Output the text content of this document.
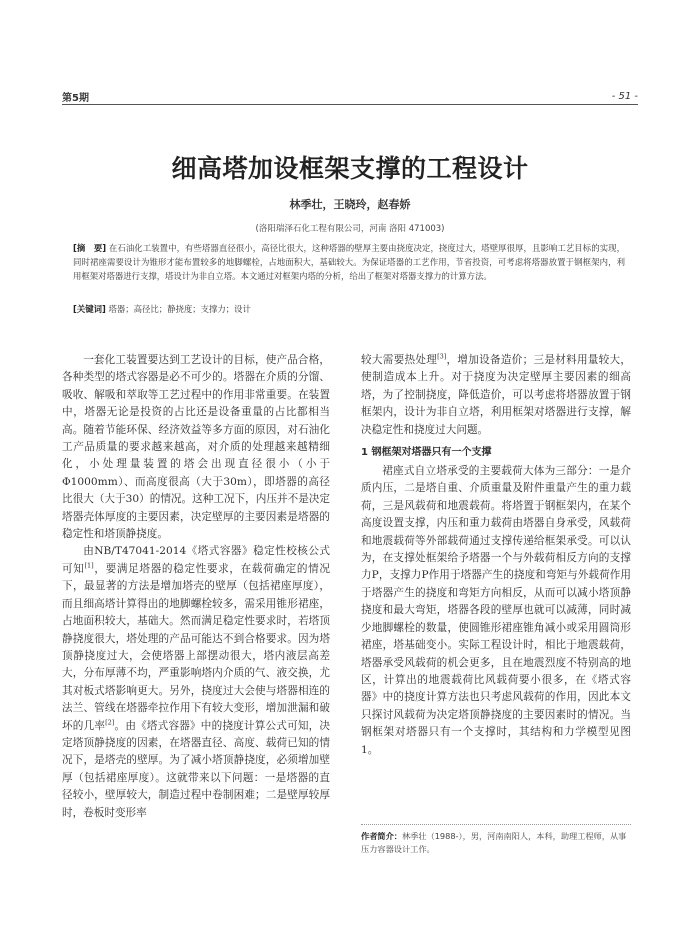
第5期	- 51 -
细高塔加设框架支撑的工程设计
林季壮，王晓玲，赵春娇
(洛阳瑞泽石化工程有限公司，河南 洛阳 471003)
[摘　要] 在石油化工装置中，有些塔器直径很小，高径比很大，这种塔器的壁厚主要由挠度决定，挠度过大，塔壁厚很厚，且影响工艺目标的实现，同时裙座需要设计为锥形才能布置较多的地脚螺栓，占地面积大，基础较大。为保证塔器的工艺作用，节省投资，可考虑将塔器放置于钢框架内，利用框架对塔器进行支撑，塔设计为非自立塔。本文通过对框架内塔的分析，给出了框架对塔器支撑力的计算方法。
[关键词] 塔器；高径比；静挠度；支撑力；设计

一套化工装置要达到工艺设计的目标，使产品合格，各种类型的塔式容器是必不可少的。塔器在介质的分馏、吸收、解吸和萃取等工艺过程中的作用非常重要。在装置中，塔器无论是投资的占比还是设备重量的占比都相当高。随着节能环保、经济效益等多方面的原因，对石油化工产品质量的要求越来越高，对介质的处理越来越精细化，小处理量装置的塔会出现直径很小（小于Φ1000mm）、而高度很高（大于30m），即塔器的高径比很大（大于30）的情况。这种工况下，内压并不是决定塔器壳体厚度的主要因素，决定壁厚的主要因素是塔器的稳定性和塔顶静挠度。

由NB/T47041-2014《塔式容器》稳定性校核公式可知[1]，要满足塔器的稳定性要求，在载荷确定的情况下，最显著的方法是增加塔壳的壁厚（包括裙座厚度），而且细高塔计算得出的地脚螺栓较多，需采用锥形裙座，占地面积较大，基础大。然而满足稳定性要求时，若塔顶静挠度很大，塔处理的产品可能达不到合格要求。因为塔顶静挠度过大，会使塔器上部摆动很大，塔内液层高差大，分布厚薄不均，严重影响塔内介质的气、液交换，尤其对板式塔影响更大。另外，挠度过大会使与塔器相连的法兰、管线在塔器牵拉作用下有较大变形，增加泄漏和破坏的几率[2]。由《塔式容器》中的挠度计算公式可知，决定塔顶静挠度的因素，在塔器直径、高度、载荷已知的情况下，是塔壳的壁厚。为了减小塔顶静挠度，必须增加壁厚（包括裙座厚度）。这就带来以下问题：一是塔器的直径较小，壁厚较大，制造过程中卷制困难；二是壁厚较厚时，卷板时变形率

较大需要热处理[3]，增加设备造价；三是材料用量较大，使制造成本上升。对于挠度为决定壁厚主要因素的细高塔，为了控制挠度，降低造价，可以考虑将塔器放置于钢框架内，设计为非自立塔，利用框架对塔器进行支撑，解决稳定性和挠度过大问题。

1 钢框架对塔器只有一个支撑

裙座式自立塔承受的主要载荷大体为三部分：一是介质内压，二是塔自重、介质重量及附件重量产生的重力载荷，三是风载荷和地震载荷。将塔置于钢框架内，在某个高度设置支撑，内压和重力载荷由塔器自身承受，风载荷和地震载荷等外部载荷通过支撑传递给框架承受。可以认为，在支撑处框架给予塔器一个与外载荷相反方向的支撑力P，支撑力P作用于塔器产生的挠度和弯矩与外载荷作用于塔器产生的挠度和弯矩方向相反，从而可以减小塔顶静挠度和最大弯矩，塔器各段的壁厚也就可以减薄，同时减少地脚螺栓的数量，使圆锥形裙座锥角减小或采用圆筒形裙座，塔基础变小。实际工程设计时，相比于地震载荷，塔器承受风载荷的机会更多，且在地震烈度不特别高的地区，计算出的地震载荷比风载荷要小很多，在《塔式容器》中的挠度计算方法也只考虑风载荷的作用，因此本文只探讨风载荷为决定塔顶静挠度的主要因素时的情况。当钢框架对塔器只有一个支撑时，其结构和力学模型见图1。

作者简介：林季壮（1988-），男，河南南阳人，本科，助理工程师，从事压力容器设计工作。
